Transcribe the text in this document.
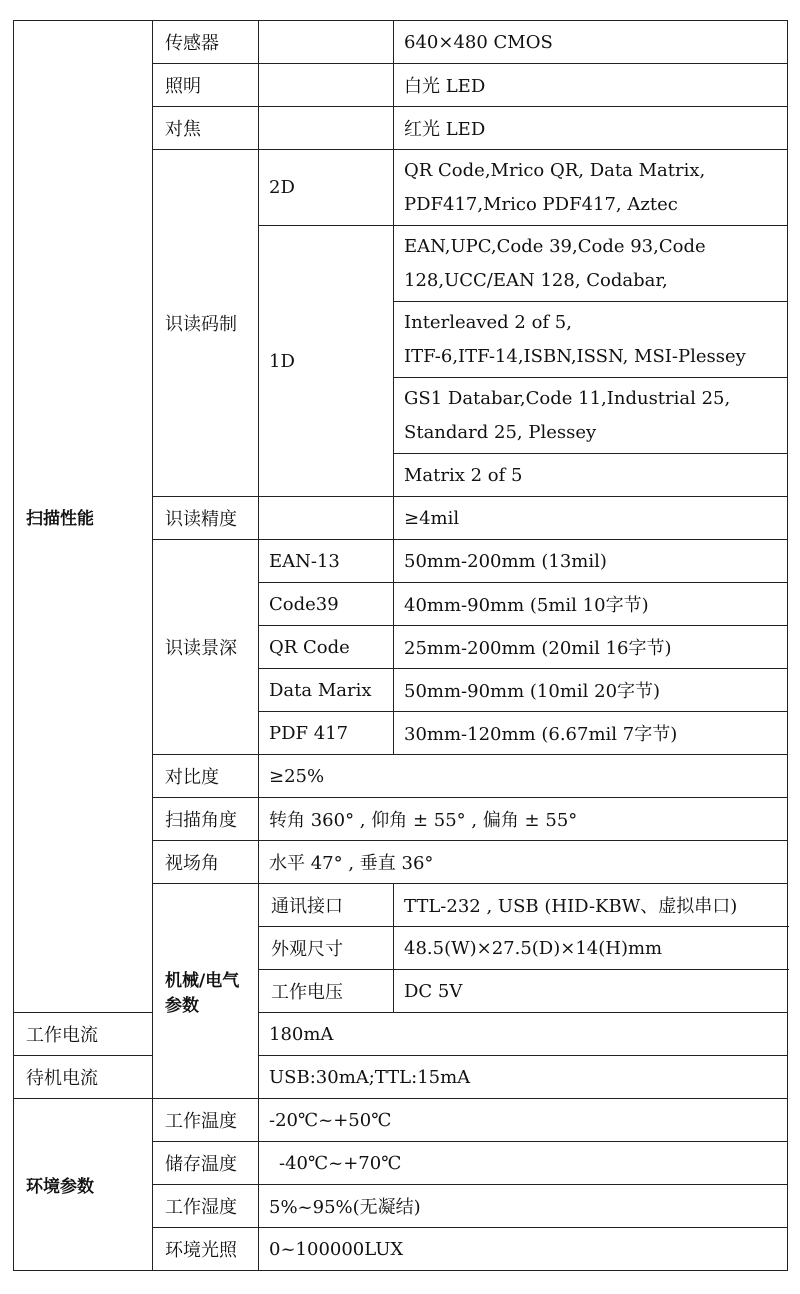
扫描性能	传感器		640×480 CMOS
	照明		白光 LED
	对焦		红光 LED
	识读码制	2D	QR Code,Mrico QR, Data Matrix,
PDF417,Mrico PDF417, Aztec
		1D	EAN,UPC,Code 39,Code 93,Code
128,UCC/EAN 128, Codabar,
			Interleaved 2 of 5,
ITF-6,ITF-14,ISBN,ISSN, MSI-Plessey
			GS1 Databar,Code 11,Industrial 25,
Standard 25, Plessey
			Matrix 2 of 5
	识读精度		≥4mil
	识读景深	EAN-13	50mm-200mm (13mil)
		Code39	40mm-90mm (5mil 10字节)
		QR Code	25mm-200mm (20mil 16字节)
		Data Marix	50mm-90mm (10mil 20字节)
		PDF 417	30mm-120mm (6.67mil 7字节)
	对比度	≥25%	
	扫描角度	转角 360° , 仰角 ± 55° , 偏角 ± 55°	
	视场角	水平 47° , 垂直 36°	
	机械/电气参数	通讯接口	TTL-232 , USB (HID-KBW、虚拟串口)
		外观尺寸	48.5(W)×27.5(D)×14(H)mm
		工作电压	DC 5V
工作电流		180mA	
待机电流		USB:30mA;TTL:15mA	
环境参数	工作温度	-20℃~+50℃	
	储存温度	-40℃~+70℃	
	工作湿度	5%~95%(无凝结)	
	环境光照	0~100000LUX	
